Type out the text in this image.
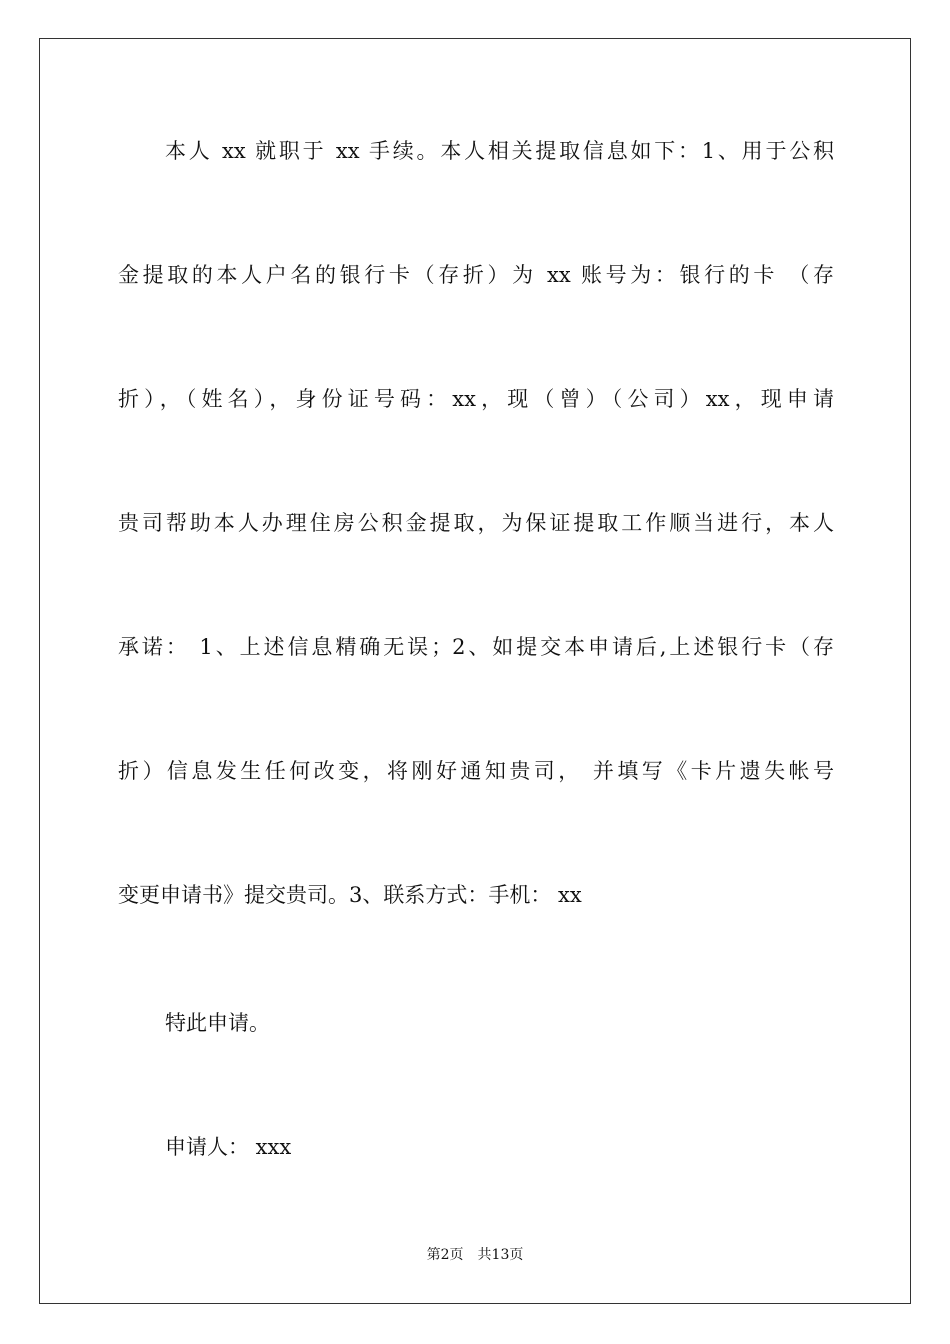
本人 xx 就职于 xx 手续。本人相关提取信息如下：1、用于公积
金提取的本人户名的银行卡（存折）为 xx 账号为：银行的卡 （存
折），（姓名），身份证号码：xx，现（曾）（公司）xx，现申请
贵司帮助本人办理住房公积金提取，为保证提取工作顺当进行，本人
承诺： 1、上述信息精确无误；2、如提交本申请后,上述银行卡（存
折）信息发生任何改变，将刚好通知贵司， 并填写《卡片遗失帐号
变更申请书》提交贵司。3、联系方式：手机： xx
特此申请。
申请人： xxx
第2页 共13页
